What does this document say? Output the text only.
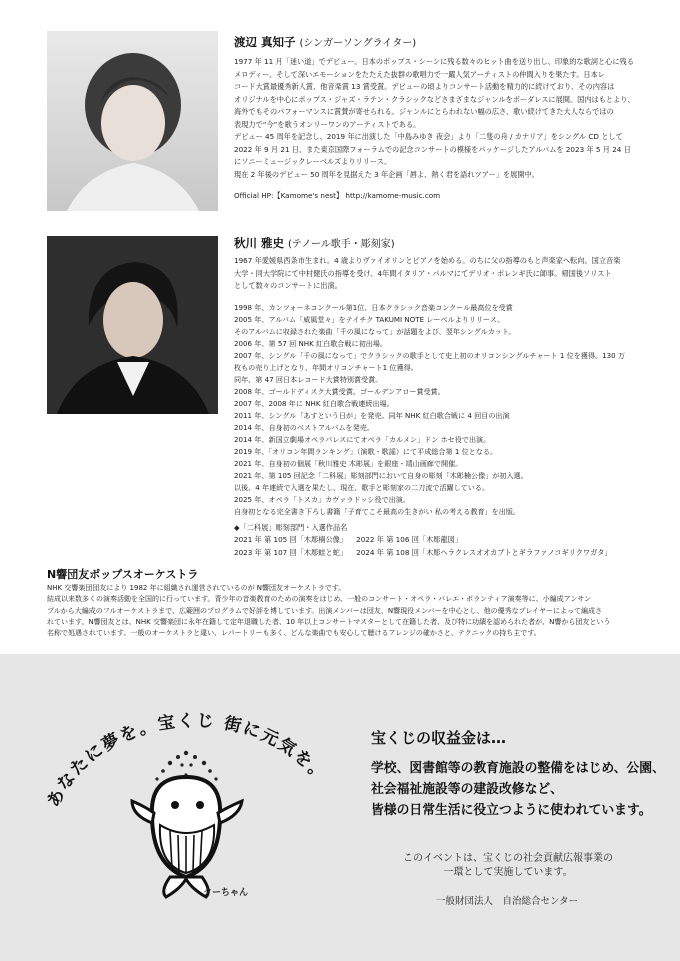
渡辺 真知子 (シンガーソングライター)
1977 年 11 月「迷い道」でデビュー。日本のポップス・シーンに残る数々のヒット曲を送り出し、印象的な歌詞と心に残る
メロディー、そして深いエモーションをたたえた抜群の歌唱力で一躍人気アーティストの仲間入りを果たす。日本レ
コード大賞最優秀新人賞、他音楽賞 13 賞受賞。デビューの頃よりコンサート活動を精力的に続けており、その内容は
オリジナルを中心にポップス・ジャズ・ラテン・クラシックなどさまざまなジャンルをボーダレスに展開。国内はもとより、
海外でもそのパフォーマンスに賞賛が寄せられる。ジャンルにとらわれない幅の広さ、歌い続けてきた大人ならではの
表現力で“今”を歌うオンリーワンのアーティストである。
デビュー 45 周年を記念し、2019 年に出演した「中島みゆき 夜会」より「二隻の舟 / カナリア」をシングル CD として
2022 年 9 月 21 日、また東京国際フォーラムでの記念コンサートの模様をパッケージしたアルバムを 2023 年 5 月 24 日
にソニーミュージックレーベルズよりリリース。
現在 2 年後のデビュー 50 周年を見据えた 3 年企画「唇よ、熱く君を語れツアー」を展開中。
Official HP:【Kamome's nest】 http://kamome-music.com
秋川 雅史 (テノール歌手・彫刻家)
1967 年愛媛県西条市生まれ。4 歳よりヴァイオリンとピアノを始める。のちに父の指導のもと声楽家へ転向。国立音楽
大学・同大学院にて中村健氏の指導を受け、4年間イタリア・パルマにてデリオ・ポレンギ氏に師事。帰国後ソリスト
として数々のコンサートに出演。
1998 年、カンツォーネコンクール第1位、日本クラシック音楽コンクール最高位を受賞
2005 年、アルバム「威風堂々」をテイチク TAKUMI NOTE レーベルよりリリース。
そのアルバムに収録された楽曲「千の風になって」が話題をよび、翌年シングルカット。
2006 年、第 57 回 NHK 紅白歌合戦に初出場。
2007 年、シングル「千の風になって」でクラシックの歌手として史上初のオリコンシングルチャート 1 位を獲得。130 万
枚もの売り上げとなり、年間オリコンチャート1 位獲得。
同年、第 47 回日本レコード大賞特別賞受賞。
2008 年、ゴールドディスク大賞受賞。ゴールデンアロー賞受賞。
2007 年、2008 年に NHK 紅白歌合戦連続出場。
2011 年、シングル「あすという日が」を発売。同年 NHK 紅白歌合戦に 4 回目の出演
2014 年、自身初のベストアルバムを発売。
2014 年、新国立劇場オペラパレスにてオペラ「カルメン」ドン ホセ役で出演。
2019 年、「オリコン年間ランキング」（演歌・歌謡）にて平成総合第 1 位となる。
2021 年、自身初の個展「秋川雅史 木彫展」を銀座・靖山画廊で開催。
2021 年、第 105 回記念「二科展」彫刻部門において自身の彫刻「木彫楠公像」が初入選。
以後、4 年連続で入選を果たし、現在、歌手と彫刻家の二刀流で活躍している。
2025 年、オペラ「トスカ」カヴァラドッシ役で出演。
自身初となる完全書き下ろし書籍「子育てこそ最高の生きがい 私の考える教育」を出版。
◆「二科展」彫刻部門・入選作品名
2021 年 第 105 回「木彫楠公像」    2022 年 第 106 回「木彫龍図」
2023 年 第 107 回「木彫蛙と蛇」    2024 年 第 108 回「木彫ヘラクレスオオカブトとギラファノコギリクワガタ」
N響団友ポップスオーケストラ
NHK 交響楽団団友により 1982 年に組織され運営されているのが N響団友オーケストラです。
結成以来数多くの演奏活動を全国的に行っています。青少年の音楽教育のための演奏をはじめ、一般のコンサート・オペラ・バレエ・ボランティア演奏等に、小編成アンサン
ブルから大編成のフルオーケストラまで、広範囲のプログラムで好評を博しています。出演メンバーは団友、N響現役メンバーを中心とし、他の優秀なプレイヤーによって編成さ
れています。N響団友とは、NHK 交響楽団に永年在籍して定年退職した者、10 年以上コンサートマスターとして在籍した者、及び特に功績を認められた者が、N響から団友という
名称で処遇されています。一般のオーケストラと違い、レパートリーも多く、どんな楽曲でも安心して聴けるアレンジの確かさと、テクニックの持ち主です。
あなたに夢を。宝くじ 街に元気を。
クーちゃん
宝くじの収益金は…
学校、図書館等の教育施設の整備をはじめ、公園、
社会福祉施設等の建設改修など、
皆様の日常生活に役立つように使われています。
このイベントは、宝くじの社会貢献広報事業の
一環として実施しています。
一般財団法人　自治総合センター
